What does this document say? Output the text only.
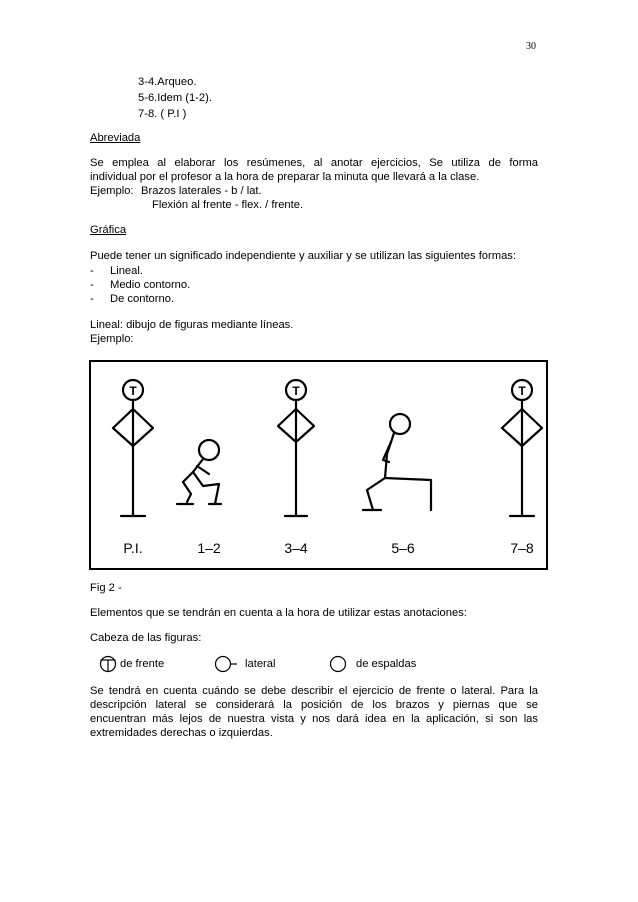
30
3-4.Arqueo.
5-6.Idem (1-2).
7-8. ( P.I )
Abreviada
Se emplea al elaborar los resúmenes, al anotar ejercicios, Se utiliza de forma
individual por el profesor a la hora de preparar la minuta que llevará a la clase.
Ejemplo: Brazos laterales - b / lat.
Flexión al frente - flex. / frente.
Gráfica
Puede tener un significado independiente y auxiliar y se utilizan las siguientes formas:
- Lineal.
- Medio contorno.
- De contorno.
Lineal: dibujo de figuras mediante líneas.
Ejemplo:
T	T	T
P.I.	1–2	3–4	5–6	7–8
Fig 2 -
Elementos que se tendrán en cuenta a la hora de utilizar estas anotaciones:
Cabeza de las figuras:
de frente	lateral	de espaldas
Se tendrá en cuenta cuándo se debe describir el ejercicio de frente o lateral. Para la
descripción lateral se considerará la posición de los brazos y piernas que se
encuentran más lejos de nuestra vista y nos dará idea en la aplicación, si son las
extremidades derechas o izquierdas.
